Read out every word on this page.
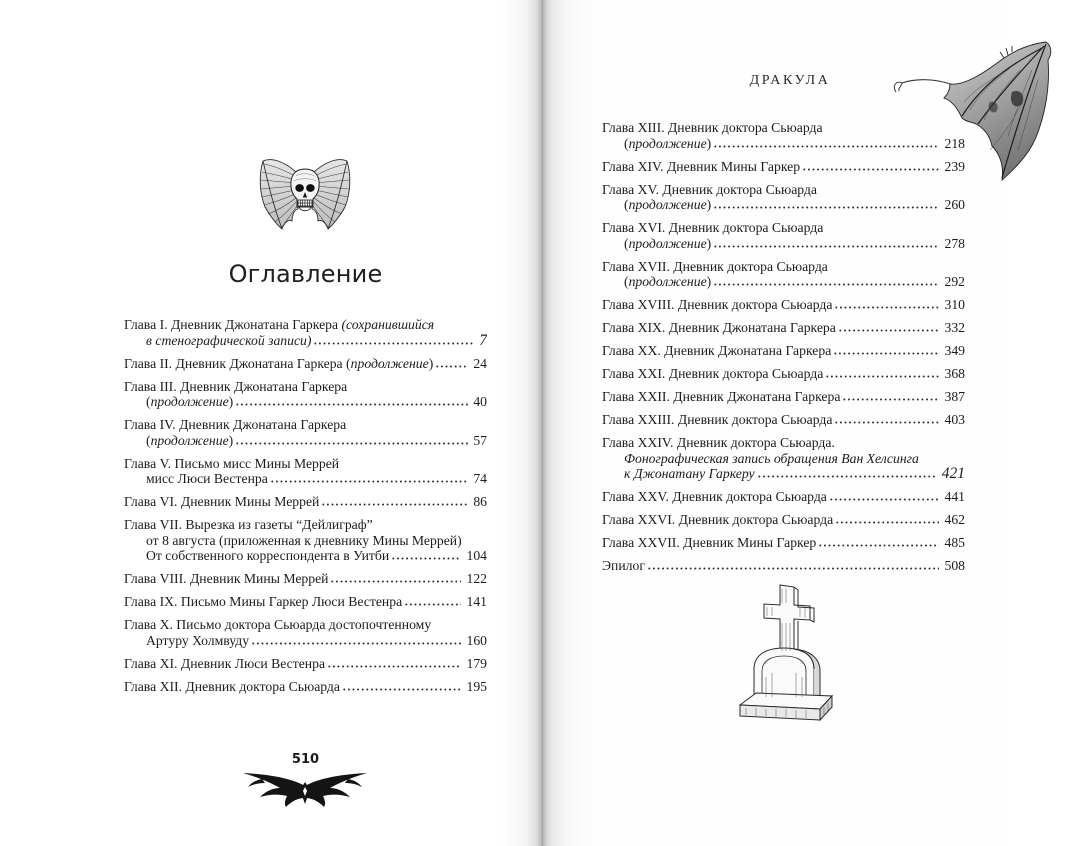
Оглавление
Глава I. Дневник Джонатана Гаркера (сохранившийся
в стенографической записи)	7
Глава II. Дневник Джонатана Гаркера (продолжение)	24
Глава III. Дневник Джонатана Гаркера
(продолжение)	40
Глава IV. Дневник Джонатана Гаркера
(продолжение)	57
Глава V. Письмо мисс Мины Меррей
мисс Люси Вестенра	74
Глава VI. Дневник Мины Меррей	86
Глава VII. Вырезка из газеты “Дейлиграф”
от 8 августа (приложенная к дневнику Мины Меррей)
От собственного корреспондента в Уитби	104
Глава VIII. Дневник Мины Меррей	122
Глава IX. Письмо Мины Гаркер Люси Вестенра	141
Глава X. Письмо доктора Сьюарда достопочтенному
Артуру Холмвуду	160
Глава XI. Дневник Люси Вестенра	179
Глава XII. Дневник доктора Сьюарда	195
510
ДРАКУЛА
Глава XIII. Дневник доктора Сьюарда
(продолжение)	218
Глава XIV. Дневник Мины Гаркер	239
Глава XV. Дневник доктора Сьюарда
(продолжение)	260
Глава XVI. Дневник доктора Сьюарда
(продолжение)	278
Глава XVII. Дневник доктора Сьюарда
(продолжение)	292
Глава XVIII. Дневник доктора Сьюарда	310
Глава XIX. Дневник Джонатана Гаркера	332
Глава XX. Дневник Джонатана Гаркера	349
Глава XXI. Дневник доктора Сьюарда	368
Глава XXII. Дневник Джонатана Гаркера	387
Глава XXIII. Дневник доктора Сьюарда	403
Глава XXIV. Дневник доктора Сьюарда.
Фонографическая запись обращения Ван Хелсинга
к Джонатану Гаркеру	421
Глава XXV. Дневник доктора Сьюарда	441
Глава XXVI. Дневник доктора Сьюарда	462
Глава XXVII. Дневник Мины Гаркер	485
Эпилог	508
